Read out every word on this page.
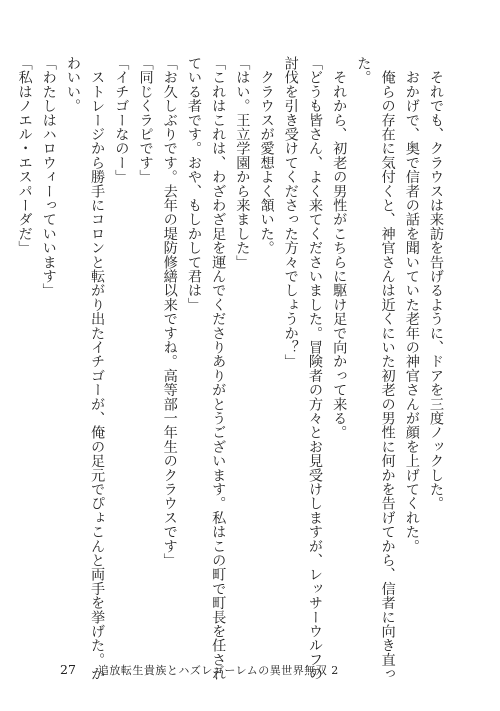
　それでも、クラウスは来訪を告げるように、ドアを三度ノックした。

　おかげで、奥で信者の話を聞いていた老年の神官さんが顔を上げてくれた。

　俺らの存在に気付くと、神官さんは近くにいた初老の男性に何かを告げてから、信者に向き直っ

た。

　それから、初老の男性がこちらに駆け足で向かって来る。

「どうも皆さん、よく来てくださいました。冒険者の方々とお見受けしますが、レッサーウルフの

討伐を引き受けてくださった方々でしょうか？」

　クラウスが愛想よく頷いた。

「はい。王立学園から来ました」

「これはこれは、わざわざ足を運んでくださりありがとうございます。私はこの町で町長を任され

ている者です。おや、もしかして君は」

「お久しぶりです。去年の堤防修繕以来ですね。高等部一年生のクラウスです」

「同じくラピです」

「イチゴーなのー」

　ストレージから勝手にコロンと転がり出たイチゴーが、俺の足元でぴょこんと両手を挙げた。か

わいい。

「わたしはハロウィーっていいます」

「私はノエル・エスパーダだ」

27 追放転生貴族とハズレゴーレムの異世界無双 2
